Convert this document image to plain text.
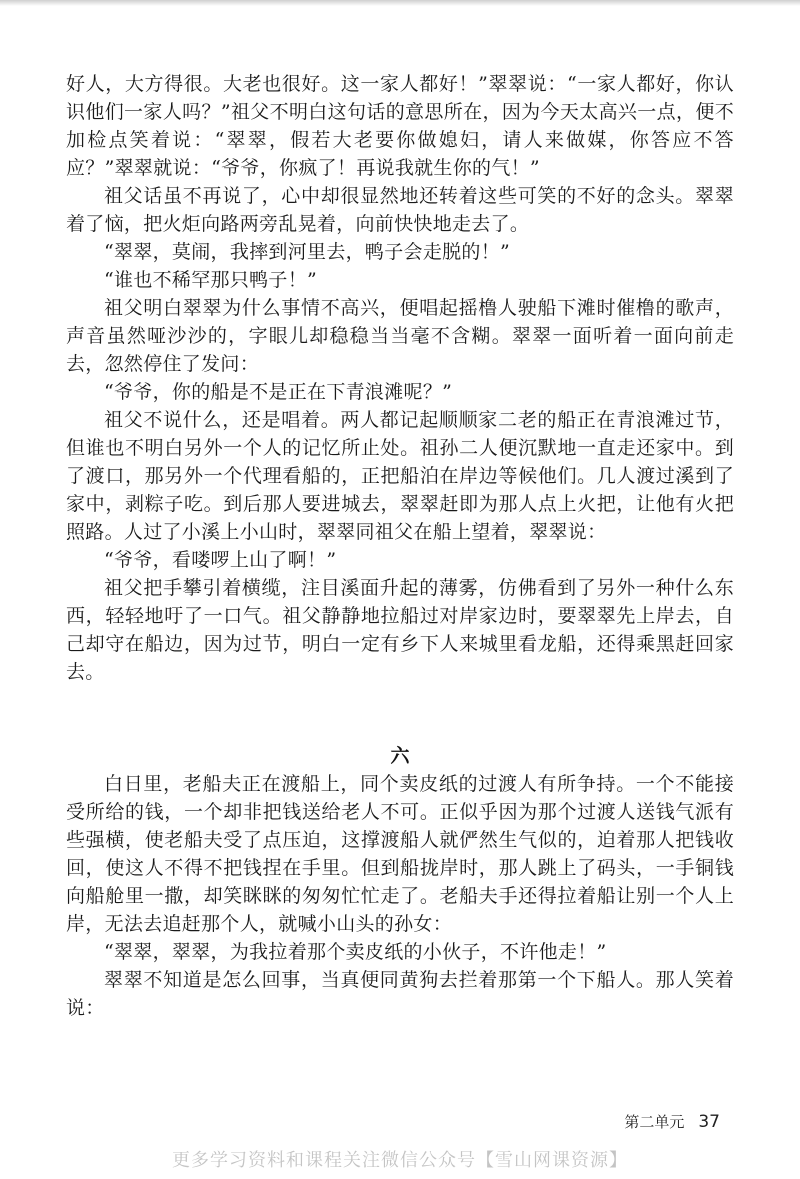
好人，大方得很。大老也很好。这一家人都好！”翠翠说：“一家人都好，你认识他们一家人吗？”祖父不明白这句话的意思所在，因为今天太高兴一点，便不加检点笑着说：“翠翠，假若大老要你做媳妇，请人来做媒，你答应不答应？”翠翠就说：“爷爷，你疯了！再说我就生你的气！”

祖父话虽不再说了，心中却很显然地还转着这些可笑的不好的念头。翠翠着了恼，把火炬向路两旁乱晃着，向前快快地走去了。

“翠翠，莫闹，我摔到河里去，鸭子会走脱的！”

“谁也不稀罕那只鸭子！”

祖父明白翠翠为什么事情不高兴，便唱起摇橹人驶船下滩时催橹的歌声，声音虽然哑沙沙的，字眼儿却稳稳当当毫不含糊。翠翠一面听着一面向前走去，忽然停住了发问：

“爷爷，你的船是不是正在下青浪滩呢？”

祖父不说什么，还是唱着。两人都记起顺顺家二老的船正在青浪滩过节，但谁也不明白另外一个人的记忆所止处。祖孙二人便沉默地一直走还家中。到了渡口，那另外一个代理看船的，正把船泊在岸边等候他们。几人渡过溪到了家中，剥粽子吃。到后那人要进城去，翠翠赶即为那人点上火把，让他有火把照路。人过了小溪上小山时，翠翠同祖父在船上望着，翠翠说：

“爷爷，看喽啰上山了啊！”

祖父把手攀引着横缆，注目溪面升起的薄雾，仿佛看到了另外一种什么东西，轻轻地吁了一口气。祖父静静地拉船过对岸家边时，要翠翠先上岸去，自己却守在船边，因为过节，明白一定有乡下人来城里看龙船，还得乘黑赶回家去。

六

白日里，老船夫正在渡船上，同个卖皮纸的过渡人有所争持。一个不能接受所给的钱，一个却非把钱送给老人不可。正似乎因为那个过渡人送钱气派有些强横，使老船夫受了点压迫，这撑渡船人就俨然生气似的，迫着那人把钱收回，使这人不得不把钱捏在手里。但到船拢岸时，那人跳上了码头，一手铜钱向船舱里一撒，却笑眯眯的匆匆忙忙走了。老船夫手还得拉着船让别一个人上岸，无法去追赶那个人，就喊小山头的孙女：

“翠翠，翠翠，为我拉着那个卖皮纸的小伙子，不许他走！”

翠翠不知道是怎么回事，当真便同黄狗去拦着那第一个下船人。那人笑着说：

第二单元 37
更多学习资料和课程关注微信公众号【雪山网课资源】
